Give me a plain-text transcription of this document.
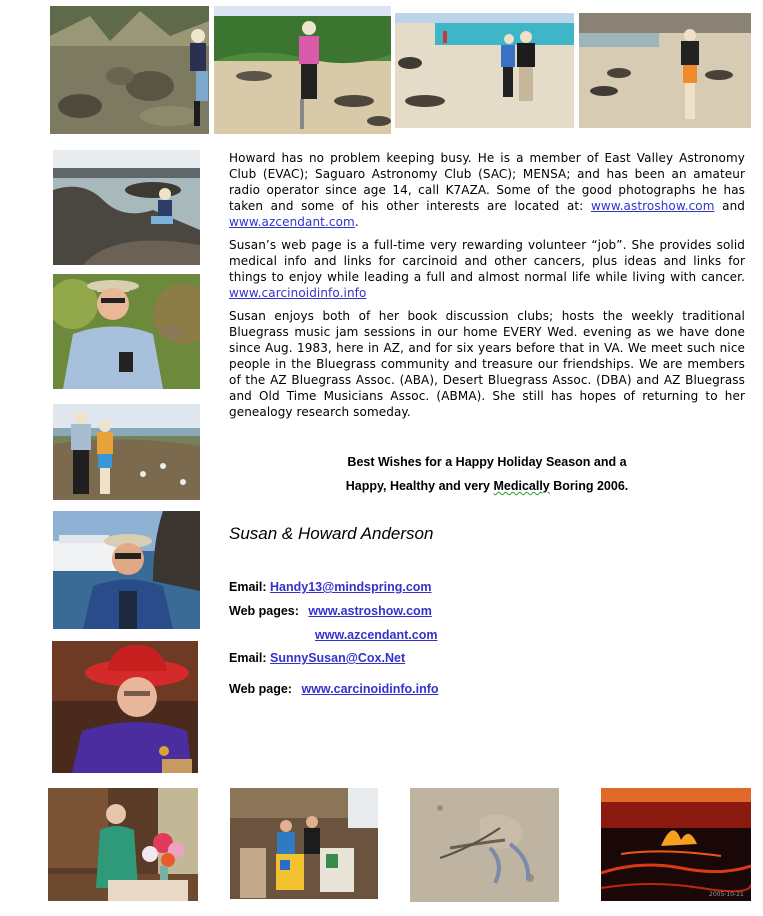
2005-10-21

Howard has no problem keeping busy. He is a member of East Valley Astronomy Club (EVAC); Saguaro Astronomy Club (SAC); MENSA; and has been an amateur radio operator since age 14, call K7AZA. Some of the good photographs he has taken and some of his other interests are located at: www.astroshow.com and www.azcendant.com.

Susan’s web page is a full-time very rewarding volunteer “job”. She provides solid medical info and links for carcinoid and other cancers, plus ideas and links for things to enjoy while leading a full and almost normal life while living with cancer. www.carcinoidinfo.info

Susan enjoys both of her book discussion clubs; hosts the weekly traditional Bluegrass music jam sessions in our home EVERY Wed. evening as we have done since Aug. 1983, here in AZ, and for six years before that in VA. We meet such nice people in the Bluegrass community and treasure our friendships. We are members of the AZ Bluegrass Assoc. (ABA), Desert Bluegrass Assoc. (DBA) and AZ Bluegrass and Old Time Musicians Assoc. (ABMA). She still has hopes of returning to her genealogy research someday.

Best Wishes for a Happy Holiday Season and a
Happy, Healthy and very Medically Boring 2006.
Susan & Howard Anderson
Email: Handy13@mindspring.com
Web pages: www.astroshow.com
www.azcendant.com
Email: SunnySusan@Cox.Net
Web page: www.carcinoidinfo.info
